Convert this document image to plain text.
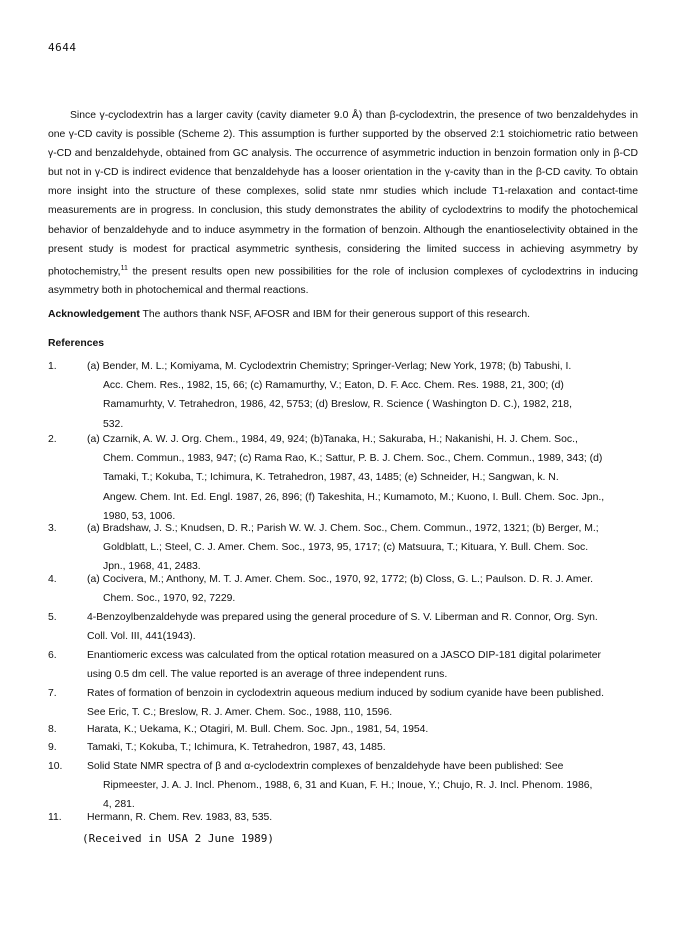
4644

Since γ-cyclodextrin has a larger cavity (cavity diameter 9.0 Å) than β-cyclodextrin, the presence of two benzaldehydes in one γ-CD cavity is possible (Scheme 2). This assumption is further supported by the observed 2:1 stoichiometric ratio between γ-CD and benzaldehyde, obtained from GC analysis. The occurrence of asymmetric induction in benzoin formation only in β-CD but not in γ-CD is indirect evidence that benzaldehyde has a looser orientation in the γ-cavity than in the β-CD cavity. To obtain more insight into the structure of these complexes, solid state nmr studies which include T1-relaxation and contact-time measurements are in progress. In conclusion, this study demonstrates the ability of cyclodextrins to modify the photochemical behavior of benzaldehyde and to induce asymmetry in the formation of benzoin. Although the enantioselectivity obtained in the present study is modest for practical asymmetric synthesis, considering the limited success in achieving asymmetry by photochemistry,$^{11}$ the present results open new possibilities for the role of inclusion complexes of cyclodextrins in inducing asymmetry both in photochemical and thermal reactions.

Acknowledgement The authors thank NSF, AFOSR and IBM for their generous support of this research.

References
1.	(a) Bender, M. L.; Komiyama, M. Cyclodextrin Chemistry; Springer-Verlag; New York, 1978; (b) Tabushi, I.
Acc. Chem. Res., 1982, 15, 66; (c) Ramamurthy, V.; Eaton, D. F. Acc. Chem. Res. 1988, 21, 300; (d)
Ramamurhty, V. Tetrahedron, 1986, 42, 5753; (d) Breslow, R. Science ( Washington D. C.), 1982, 218,
532.
2.	(a) Czarnik, A. W. J. Org. Chem., 1984, 49, 924; (b)Tanaka, H.; Sakuraba, H.; Nakanishi, H. J. Chem. Soc.,
Chem. Commun., 1983, 947; (c) Rama Rao, K.; Sattur, P. B. J. Chem. Soc., Chem. Commun., 1989, 343; (d)
Tamaki, T.; Kokuba, T.; Ichimura, K. Tetrahedron, 1987, 43, 1485; (e) Schneider, H.; Sangwan, k. N.
Angew. Chem. Int. Ed. Engl. 1987, 26, 896; (f) Takeshita, H.; Kumamoto, M.; Kuono, I. Bull. Chem. Soc. Jpn.,
1980, 53, 1006.
3.	(a) Bradshaw, J. S.; Knudsen, D. R.; Parish W. W. J. Chem. Soc., Chem. Commun., 1972, 1321; (b) Berger, M.;
Goldblatt, L.; Steel, C. J. Amer. Chem. Soc., 1973, 95, 1717; (c) Matsuura, T.; Kituara, Y. Bull. Chem. Soc.
Jpn., 1968, 41, 2483.
4.	(a) Cocivera, M.; Anthony, M. T. J. Amer. Chem. Soc., 1970, 92, 1772; (b) Closs, G. L.; Paulson. D. R. J. Amer.
Chem. Soc., 1970, 92, 7229.
5.	4-Benzoylbenzaldehyde was prepared using the general procedure of S. V. Liberman and R. Connor, Org. Syn.
Coll. Vol. III, 441(1943).
6.	Enantiomeric excess was calculated from the optical rotation measured on a JASCO DIP-181 digital polarimeter
using 0.5 dm cell. The value reported is an average of three independent runs.
7.	Rates of formation of benzoin in cyclodextrin aqueous medium induced by sodium cyanide have been published.
See Eric, T. C.; Breslow, R. J. Amer. Chem. Soc., 1988, 110, 1596.
8.	Harata, K.; Uekama, K.; Otagiri, M. Bull. Chem. Soc. Jpn., 1981, 54, 1954.
9.	Tamaki, T.; Kokuba, T.; Ichimura, K. Tetrahedron, 1987, 43, 1485.
10. Solid State NMR spectra of β and α-cyclodextrin complexes of benzaldehyde have been published: See
Ripmeester, J. A. J. Incl. Phenom., 1988, 6, 31 and Kuan, F. H.; Inoue, Y.; Chujo, R. J. Incl. Phenom. 1986,
4, 281.
11. Hermann, R. Chem. Rev. 1983, 83, 535.
(Received in USA 2 June 1989)
